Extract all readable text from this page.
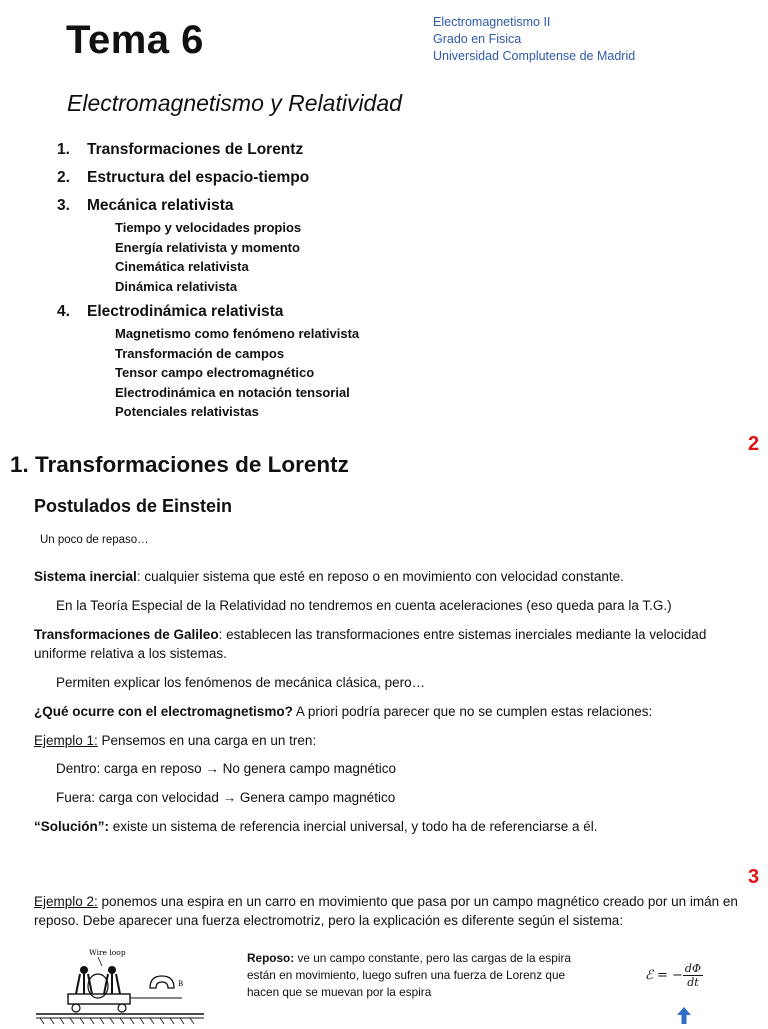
Tema 6	Electromagnetismo II
Grado en Fisica
Universidad Complutense de Madrid
Electromagnetismo y Relatividad
1. Transformaciones de Lorentz
2. Estructura del espacio-tiempo
3. Mecánica relativista
Tiempo y velocidades propios
Energía relativista y momento
Cinemática relativista
Dinámica relativista
4. Electrodinámica relativista
Magnetismo como fenómeno relativista
Transformación de campos
Tensor campo electromagnético
Electrodinámica en notación tensorial
Potenciales relativistas
2
1. Transformaciones de Lorentz
Postulados de Einstein
Un poco de repaso…
Sistema inercial: cualquier sistema que esté en reposo o en movimiento con velocidad constante.
En la Teoría Especial de la Relatividad no tendremos en cuenta aceleraciones (eso queda para la T.G.)
Transformaciones de Galileo: establecen las transformaciones entre sistemas inerciales mediante la velocidad uniforme relativa a los sistemas.
Permiten explicar los fenómenos de mecánica clásica, pero…
¿Qué ocurre con el electromagnetismo? A priori podría parecer que no se cumplen estas relaciones:
Ejemplo 1: Pensemos en una carga en un tren:
Dentro: carga en reposo → No genera campo magnético
Fuera: carga con velocidad → Genera campo magnético
“Solución”: existe un sistema de referencia inercial universal, y todo ha de referenciarse a él.
3
Ejemplo 2: ponemos una espira en un carro en movimiento que pasa por un campo magnético creado por un imán en reposo. Debe aparecer una fuerza electromotriz, pero la explicación es diferente según el sistema:
Wire loop
B
Reposo: ve un campo constante, pero las cargas de la espira están en movimiento, luego sufren una fuerza de Lorenz que hacen que se muevan por la espira
ℰ = − $\frac{d\Phi}{dt}$
